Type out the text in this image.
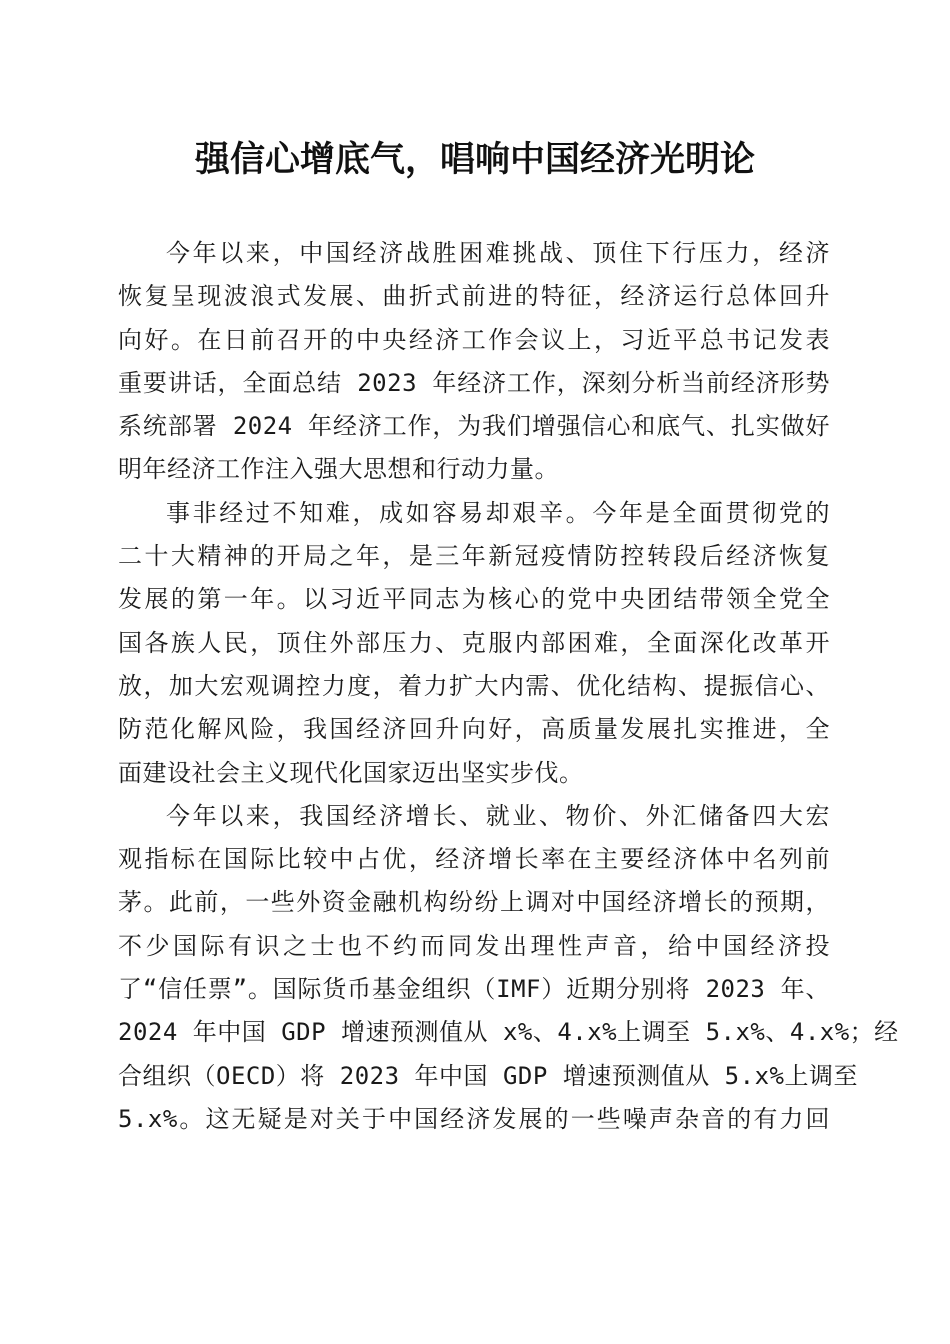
强信心增底气，唱响中国经济光明论
今年以来，中国经济战胜困难挑战、顶住下行压力，经济
恢复呈现波浪式发展、曲折式前进的特征，经济运行总体回升
向好。在日前召开的中央经济工作会议上，习近平总书记发表
重要讲话，全面总结 2023 年经济工作，深刻分析当前经济形势
系统部署 2024 年经济工作，为我们增强信心和底气、扎实做好
明年经济工作注入强大思想和行动力量。
事非经过不知难，成如容易却艰辛。今年是全面贯彻党的
二十大精神的开局之年，是三年新冠疫情防控转段后经济恢复
发展的第一年。以习近平同志为核心的党中央团结带领全党全
国各族人民，顶住外部压力、克服内部困难，全面深化改革开
放，加大宏观调控力度，着力扩大内需、优化结构、提振信心、
防范化解风险，我国经济回升向好，高质量发展扎实推进，全
面建设社会主义现代化国家迈出坚实步伐。
今年以来，我国经济增长、就业、物价、外汇储备四大宏
观指标在国际比较中占优，经济增长率在主要经济体中名列前
茅。此前，一些外资金融机构纷纷上调对中国经济增长的预期，
不少国际有识之士也不约而同发出理性声音，给中国经济投
了“信任票”。国际货币基金组织（IMF）近期分别将 2023 年、
2024 年中国 GDP 增速预测值从 x%、4.x%上调至 5.x%、4.x%；经
合组织（OECD）将 2023 年中国 GDP 增速预测值从 5.x%上调至
5.x%。这无疑是对关于中国经济发展的一些噪声杂音的有力回
